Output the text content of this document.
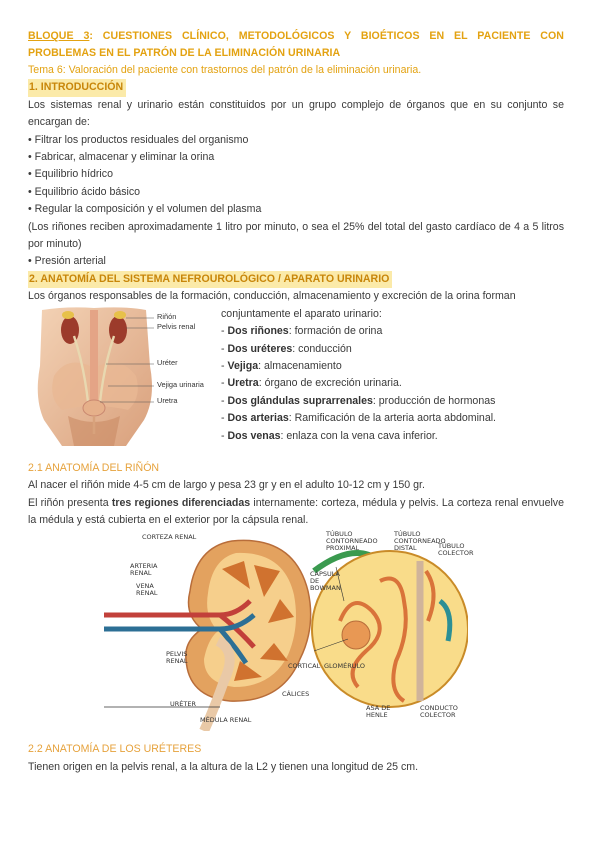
BLOQUE 3: CUESTIONES CLÍNICO, METODOLÓGICOS Y BIOÉTICOS EN EL PACIENTE CON PROBLEMAS EN EL PATRÓN DE LA ELIMINACIÓN URINARIA
Tema 6: Valoración del paciente con trastornos del patrón de la eliminación urinaria.
1. INTRODUCCIÓN

Los sistemas renal y urinario están constituidos por un grupo complejo de órganos que en su conjunto se encargan de:

• Filtrar los productos residuales del organismo
• Fabricar, almacenar y eliminar la orina
• Equilibrio hídrico
• Equilibrio ácido básico
• Regular la composición y el volumen del plasma

(Los riñones reciben aproximadamente 1 litro por minuto, o sea el 25% del total del gasto cardíaco de 4 a 5 litros por minuto)

• Presión arterial
2. ANATOMÍA DEL SISTEMA NEFROUROLÓGICO / APARATO URINARIO

Los órganos responsables de la formación, conducción, almacenamiento y excreción de la orina forman

Riñón
Pelvis renal
Uréter
Vejiga urinaria
Uretra
conjuntamente el aparato urinario:
- Dos riñones: formación de orina
- Dos uréteres: conducción
- Vejiga: almacenamiento
- Uretra: órgano de excreción urinaria.
- Dos glándulas suprarrenales: producción de hormonas
- Dos arterias: Ramificación de la arteria aorta abdominal.
- Dos venas: enlaza con la vena cava inferior.
2.1 ANATOMÍA DEL RIÑÓN

Al nacer el riñón mide 4-5 cm de largo y pesa 23 gr y en el adulto 10-12 cm y 150 gr.

El riñón presenta tres regiones diferenciadas internamente: corteza, médula y pelvis. La corteza renal envuelve la médula y está cubierta en el exterior por la cápsula renal.

CORTEZA RENAL
ARTERIA RENAL
VENA RENAL
PELVIS RENAL
CORTICAL
URÉTER
MÉDULA RENAL
CÁLICES
TÚBULO CONTORNEADO PROXIMAL
TÚBULO CONTORNEADO DISTAL	TÚBULO COLECTOR
CÁPSULA DE BOWMAN
GLOMÉRULO
ASA DE HENLE
CONDUCTO COLECTOR
2.2 ANATOMÍA DE LOS URÉTERES

Tienen origen en la pelvis renal, a la altura de la L2 y tienen una longitud de 25 cm.
